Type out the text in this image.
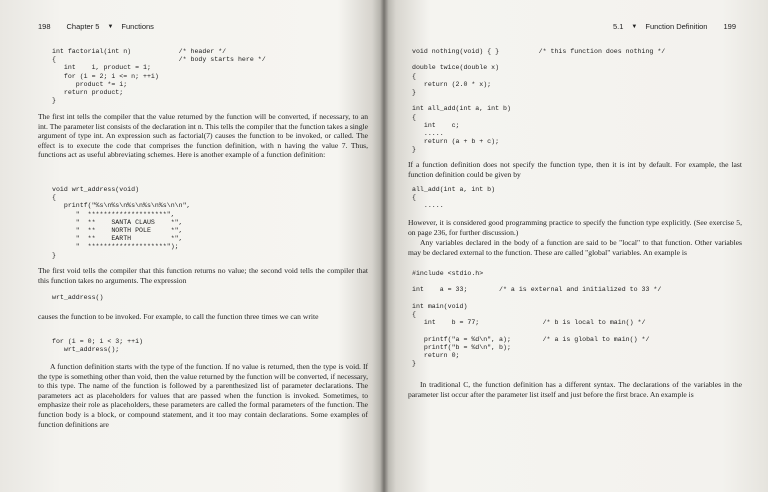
198 Chapter 5 ▼ Functions
int factorial(int n)            /* header */
{                               /* body starts here */
int    i, product = 1;
for (i = 2; i <= n; ++i)
product *= i;
return product;
}

The first int tells the compiler that the value returned by the function will be converted, if necessary, to an int. The parameter list consists of the declaration int n. This tells the compiler that the function takes a single argument of type int. An expression such as factorial(7) causes the function to be invoked, or called. The effect is to execute the code that comprises the function definition, with n having the value 7. Thus, functions act as useful abbreviating schemes. Here is another example of a function definition:

void wrt_address(void)
{
printf("%s\n%s\n%s\n%s\n%s\n\n",
"  ********************",
"  **    SANTA CLAUS    *",
"  **    NORTH POLE     *",
"  **    EARTH          *",
"  ********************");
}

The first void tells the compiler that this function returns no value; the second void tells the compiler that this function takes no arguments. The expression

wrt_address()

causes the function to be invoked. For example, to call the function three times we can write

for (i = 0; i < 3; ++i)
wrt_address();

A function definition starts with the type of the function. If no value is returned, then the type is void. If the type is something other than void, then the value returned by the function will be converted, if necessary, to this type. The name of the function is followed by a parenthesized list of parameter declarations. The parameters act as placeholders for values that are passed when the function is invoked. Sometimes, to emphasize their role as placeholders, these parameters are called the formal parameters of the function. The function body is a block, or compound statement, and it too may contain declarations. Some examples of function definitions are

5.1 ▼ Function Definition 199
void nothing(void) { }          /* this function does nothing */

double twice(double x)
{
return (2.0 * x);
}

int all_add(int a, int b)
{
int    c;
.....
return (a + b + c);
}

If a function definition does not specify the function type, then it is int by default. For example, the last function definition could be given by

all_add(int a, int b)
{
.....

However, it is considered good programming practice to specify the function type explicitly. (See exercise 5, on page 236, for further discussion.)

Any variables declared in the body of a function are said to be "local" to that function. Other variables may be declared external to the function. These are called "global" variables. An example is

#include <stdio.h>

int    a = 33;        /* a is external and initialized to 33 */

int main(void)
{
int    b = 77;                /* b is local to main() */

printf("a = %d\n", a);        /* a is global to main() */
printf("b = %d\n", b);
return 0;
}

In traditional C, the function definition has a different syntax. The declarations of the variables in the parameter list occur after the parameter list itself and just before the first brace. An example is
